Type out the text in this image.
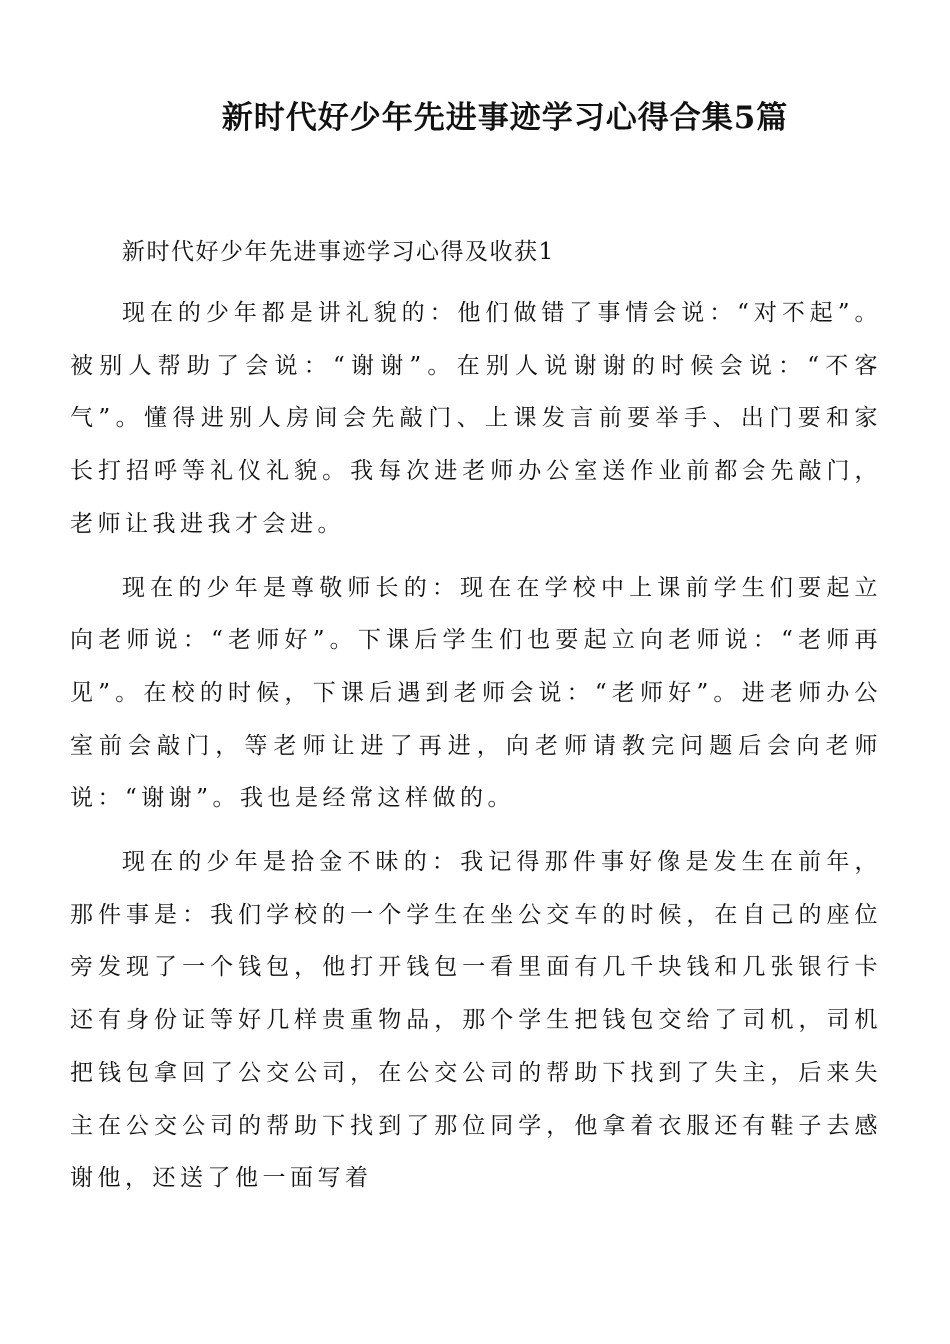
新时代好少年先进事迹学习心得合集5篇
新时代好少年先进事迹学习心得及收获1

现在的少年都是讲礼貌的：他们做错了事情会说：“对不起”。被别人帮助了会说：“谢谢”。在别人说谢谢的时候会说：“不客气”。懂得进别人房间会先敲门、上课发言前要举手、出门要和家长打招呼等礼仪礼貌。我每次进老师办公室送作业前都会先敲门，老师让我进我才会进。

现在的少年是尊敬师长的：现在在学校中上课前学生们要起立向老师说：“老师好”。下课后学生们也要起立向老师说：“老师再见”。在校的时候，下课后遇到老师会说：“老师好”。进老师办公室前会敲门，等老师让进了再进，向老师请教完问题后会向老师说：“谢谢”。我也是经常这样做的。

现在的少年是拾金不昧的：我记得那件事好像是发生在前年，那件事是：我们学校的一个学生在坐公交车的时候，在自己的座位旁发现了一个钱包，他打开钱包一看里面有几千块钱和几张银行卡还有身份证等好几样贵重物品，那个学生把钱包交给了司机，司机把钱包拿回了公交公司，在公交公司的帮助下找到了失主，后来失主在公交公司的帮助下找到了那位同学，他拿着衣服还有鞋子去感谢他，还送了他一面写着
